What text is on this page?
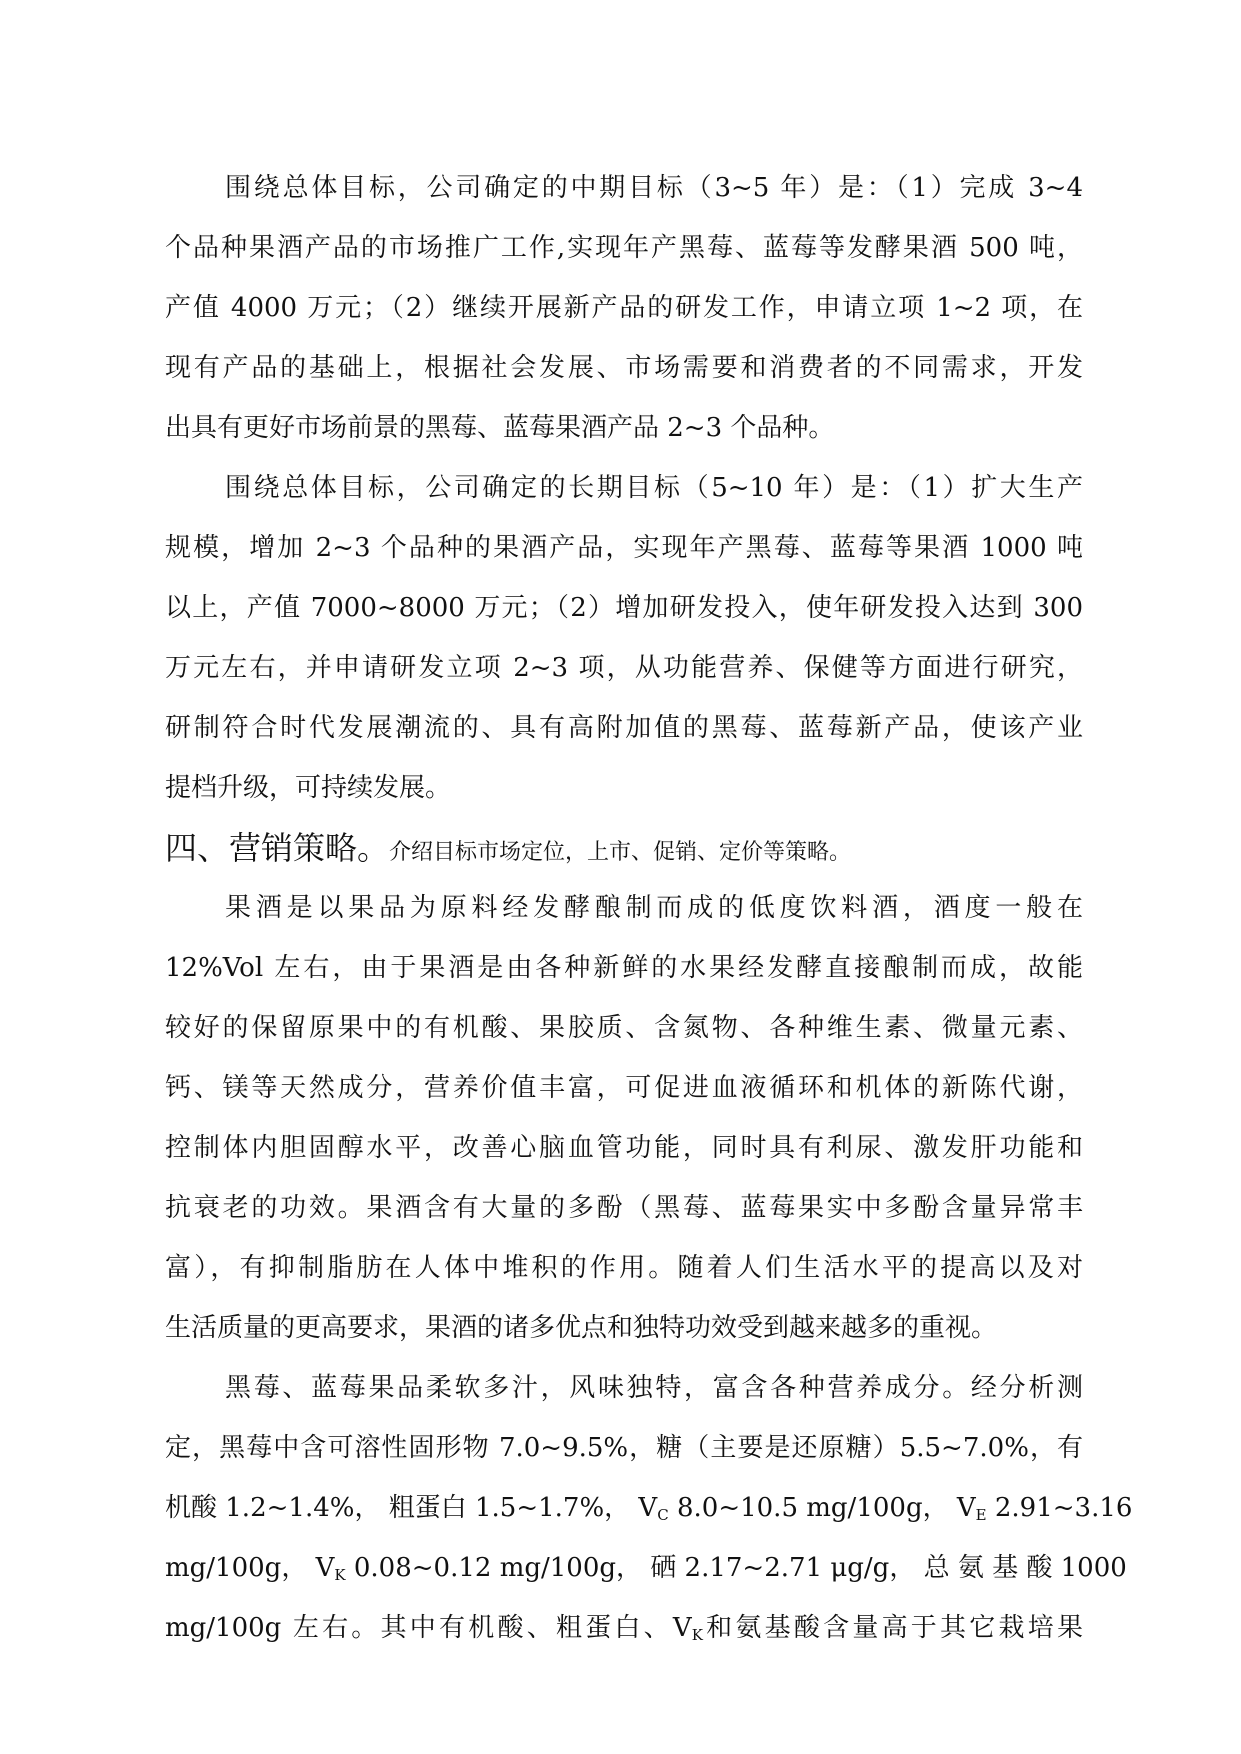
围绕总体目标，公司确定的中期目标（3~5 年）是：（1）完成 3~4
个品种果酒产品的市场推广工作,实现年产黑莓、蓝莓等发酵果酒 500 吨，
产值 4000 万元；（2）继续开展新产品的研发工作，申请立项 1~2 项，在
现有产品的基础上，根据社会发展、市场需要和消费者的不同需求，开发
出具有更好市场前景的黑莓、蓝莓果酒产品 2~3 个品种。

围绕总体目标，公司确定的长期目标（5~10 年）是：（1）扩大生产
规模，增加 2~3 个品种的果酒产品，实现年产黑莓、蓝莓等果酒 1000 吨
以上，产值 7000~8000 万元；（2）增加研发投入，使年研发投入达到 300
万元左右，并申请研发立项 2~3 项，从功能营养、保健等方面进行研究，
研制符合时代发展潮流的、具有高附加值的黑莓、蓝莓新产品，使该产业
提档升级，可持续发展。

四、营销策略。介绍目标市场定位，上市、促销、定价等策略。

果酒是以果品为原料经发酵酿制而成的低度饮料酒，酒度一般在
12%Vol 左右，由于果酒是由各种新鲜的水果经发酵直接酿制而成，故能
较好的保留原果中的有机酸、果胶质、含氮物、各种维生素、微量元素、
钙、镁等天然成分，营养价值丰富，可促进血液循环和机体的新陈代谢，
控制体内胆固醇水平，改善心脑血管功能，同时具有利尿、激发肝功能和
抗衰老的功效。果酒含有大量的多酚（黑莓、蓝莓果实中多酚含量异常丰
富），有抑制脂肪在人体中堆积的作用。随着人们生活水平的提高以及对
生活质量的更高要求，果酒的诸多优点和独特功效受到越来越多的重视。

黑莓、蓝莓果品柔软多汁，风味独特，富含各种营养成分。经分析测
定，黑莓中含可溶性固形物 7.0~9.5%，糖（主要是还原糖）5.5~7.0%，有
机酸 1.2~1.4%， 粗蛋白 1.5~1.7%， $V_C$ 8.0~10.5 mg/100g， $V_E$ 2.91~3.16
mg/100g， $V_K$ 0.08~0.12 mg/100g， 硒 2.17~2.71 μg/g， 总 氨 基 酸 1000
mg/100g 左右。其中有机酸、粗蛋白、$V_K$和氨基酸含量高于其它栽培果
